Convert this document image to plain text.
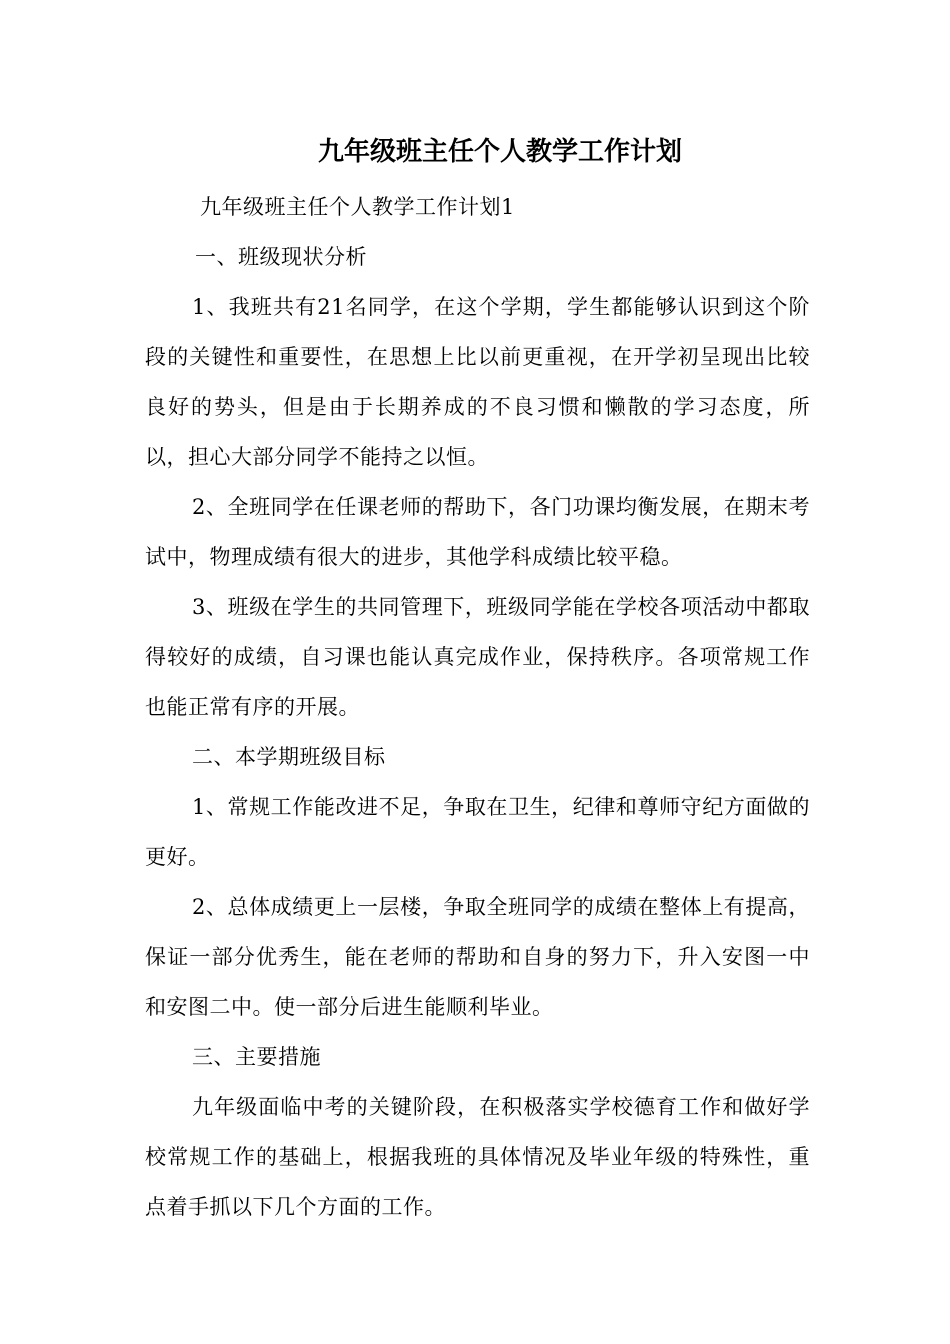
九年级班主任个人教学工作计划

九年级班主任个人教学工作计划1

一、班级现状分析

1、我班共有21名同学，在这个学期，学生都能够认识到这个阶段的关键性和重要性，在思想上比以前更重视，在开学初呈现出比较良好的势头，但是由于长期养成的不良习惯和懒散的学习态度，所以，担心大部分同学不能持之以恒。

2、全班同学在任课老师的帮助下，各门功课均衡发展，在期末考试中，物理成绩有很大的进步，其他学科成绩比较平稳。

3、班级在学生的共同管理下，班级同学能在学校各项活动中都取得较好的成绩，自习课也能认真完成作业，保持秩序。各项常规工作也能正常有序的开展。

二、本学期班级目标

1、常规工作能改进不足，争取在卫生，纪律和尊师守纪方面做的更好。

2、总体成绩更上一层楼，争取全班同学的成绩在整体上有提高，保证一部分优秀生，能在老师的帮助和自身的努力下，升入安图一中和安图二中。使一部分后进生能顺利毕业。

三、主要措施

九年级面临中考的关键阶段，在积极落实学校德育工作和做好学校常规工作的基础上，根据我班的具体情况及毕业年级的特殊性，重点着手抓以下几个方面的工作。
